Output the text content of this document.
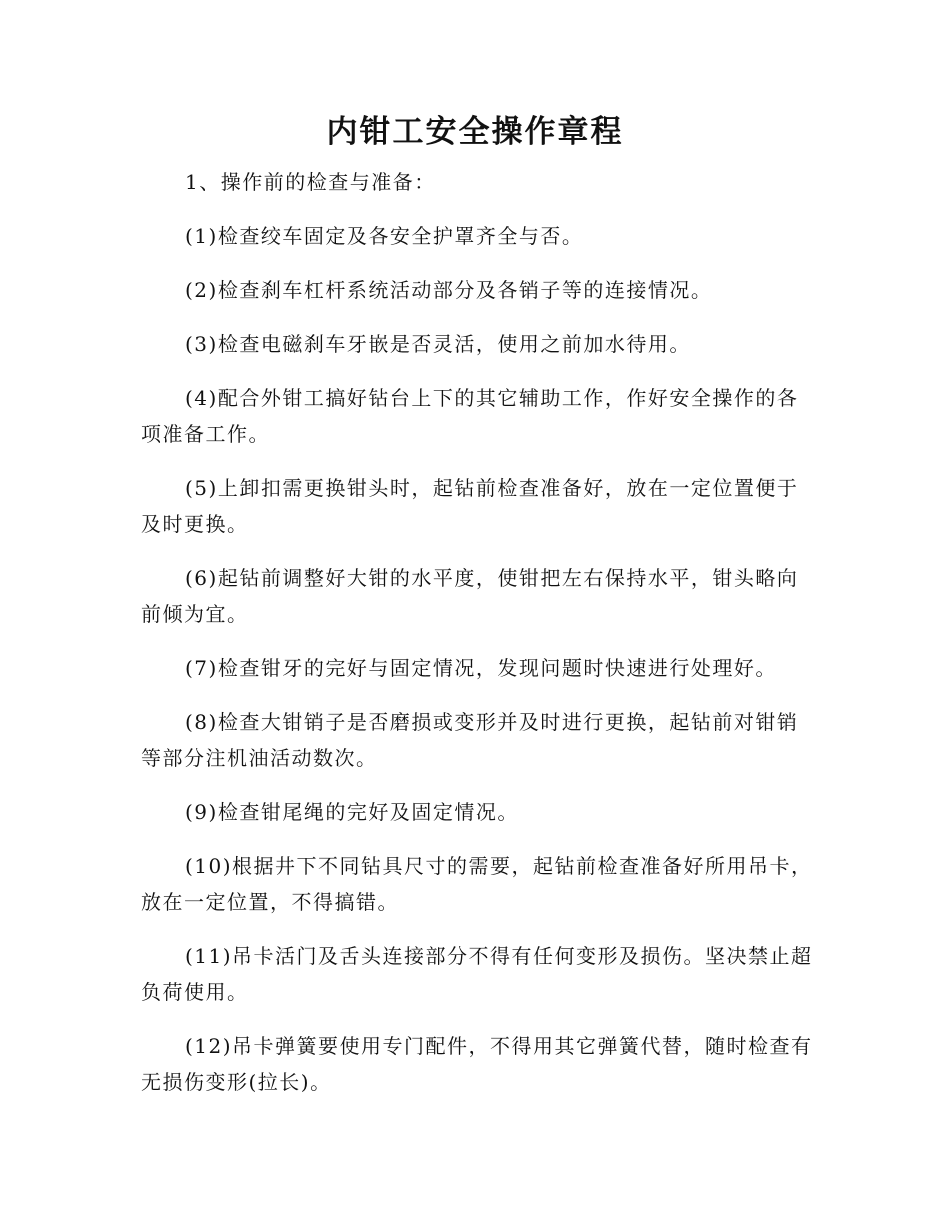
内钳工安全操作章程

1、操作前的检查与准备：

(1)检查绞车固定及各安全护罩齐全与否。

(2)检查刹车杠杆系统活动部分及各销子等的连接情况。

(3)检查电磁刹车牙嵌是否灵活，使用之前加水待用。

(4)配合外钳工搞好钻台上下的其它辅助工作，作好安全操作的各项准备工作。

(5)上卸扣需更换钳头时，起钻前检查准备好，放在一定位置便于及时更换。

(6)起钻前调整好大钳的水平度，使钳把左右保持水平，钳头略向前倾为宜。

(7)检查钳牙的完好与固定情况，发现问题时快速进行处理好。

(8)检查大钳销子是否磨损或变形并及时进行更换，起钻前对钳销等部分注机油活动数次。

(9)检查钳尾绳的完好及固定情况。

(10)根据井下不同钻具尺寸的需要，起钻前检查准备好所用吊卡，放在一定位置，不得搞错。

(11)吊卡活门及舌头连接部分不得有任何变形及损伤。坚决禁止超负荷使用。

(12)吊卡弹簧要使用专门配件，不得用其它弹簧代替，随时检查有无损伤变形(拉长)。
